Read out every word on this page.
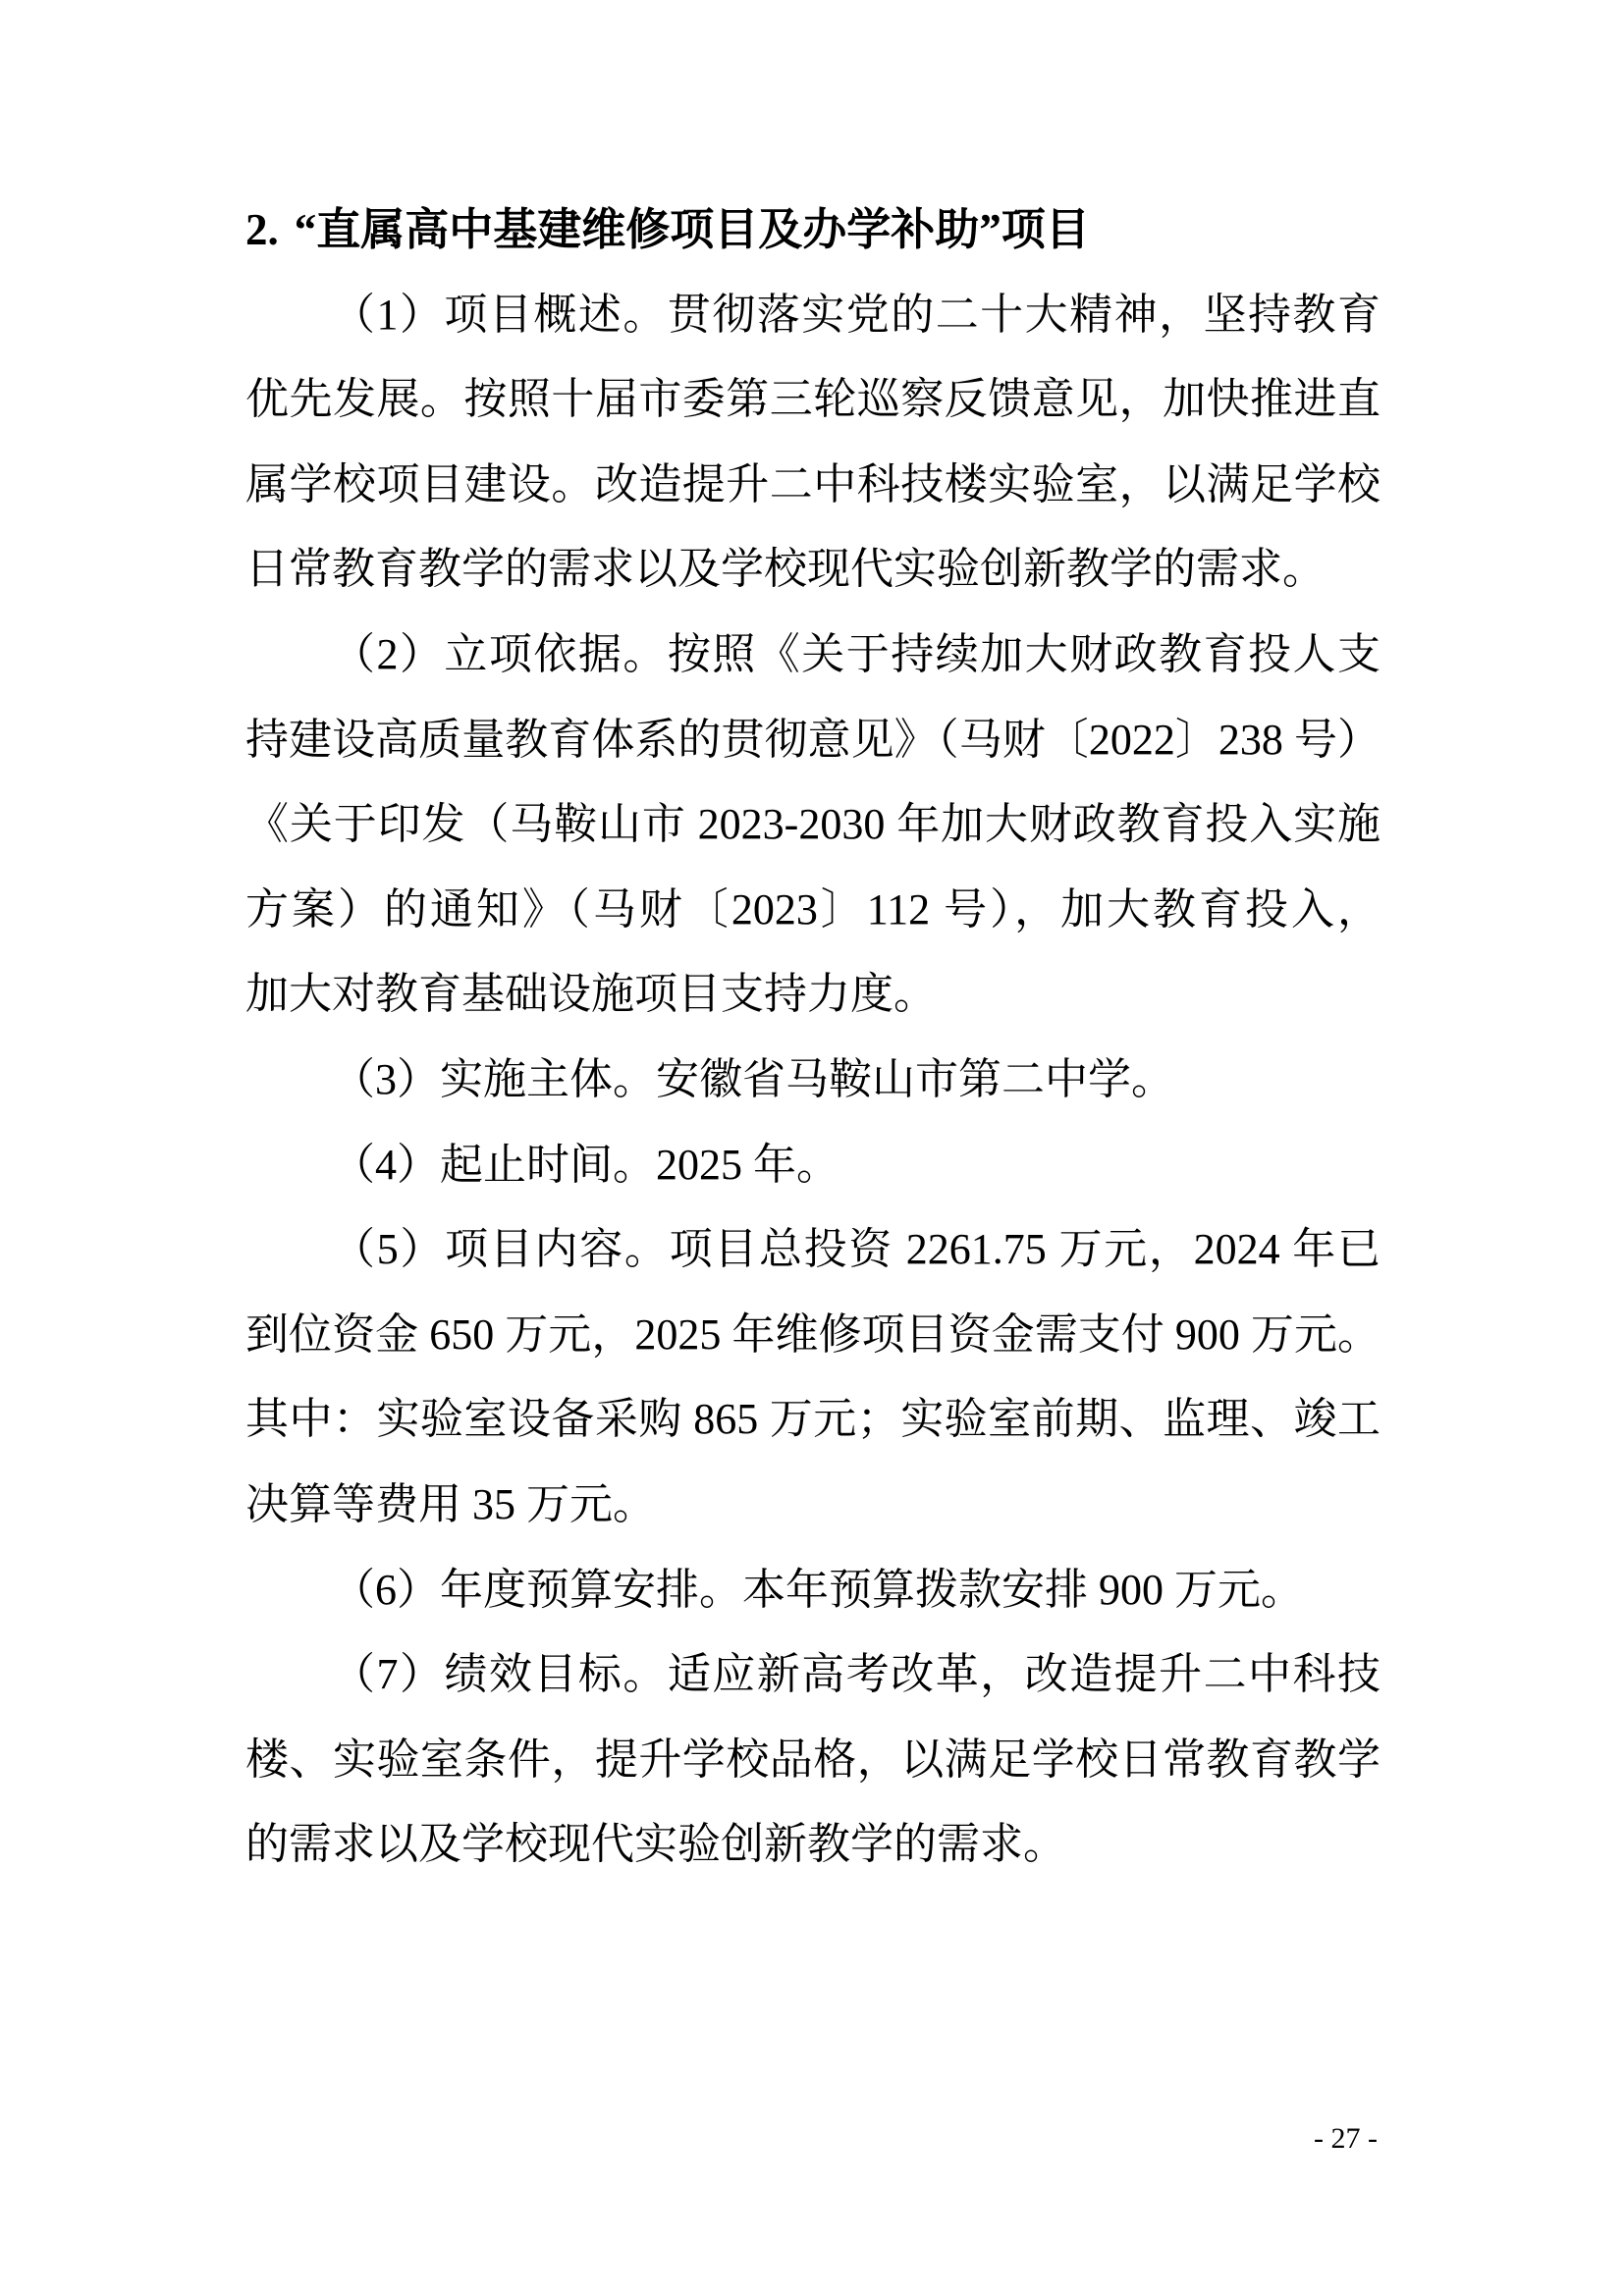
2. “直属高中基建维修项目及办学补助”项目
（1）项目概述。贯彻落实党的二十大精神，坚持教育
优先发展。按照十届市委第三轮巡察反馈意见，加快推进直
属学校项目建设。改造提升二中科技楼实验室，以满足学校
日常教育教学的需求以及学校现代实验创新教学的需求。
（2）立项依据。按照《关于持续加大财政教育投人支
持建设高质量教育体系的贯彻意见》（马财〔2022〕238 号）
《关于印发（马鞍山市 2023-2030 年加大财政教育投入实施
方案）的通知》（马财〔2023〕112 号），加大教育投入，
加大对教育基础设施项目支持力度。
（3）实施主体。安徽省马鞍山市第二中学。
（4）起止时间。2025 年。
（5）项目内容。项目总投资 2261.75 万元，2024 年已
到位资金 650 万元，2025 年维修项目资金需支付 900 万元。
其中：实验室设备采购 865 万元；实验室前期、监理、竣工
决算等费用 35 万元。
（6）年度预算安排。本年预算拨款安排 900 万元。
（7）绩效目标。适应新高考改革，改造提升二中科技
楼、实验室条件，提升学校品格，以满足学校日常教育教学
的需求以及学校现代实验创新教学的需求。
- 27 -
